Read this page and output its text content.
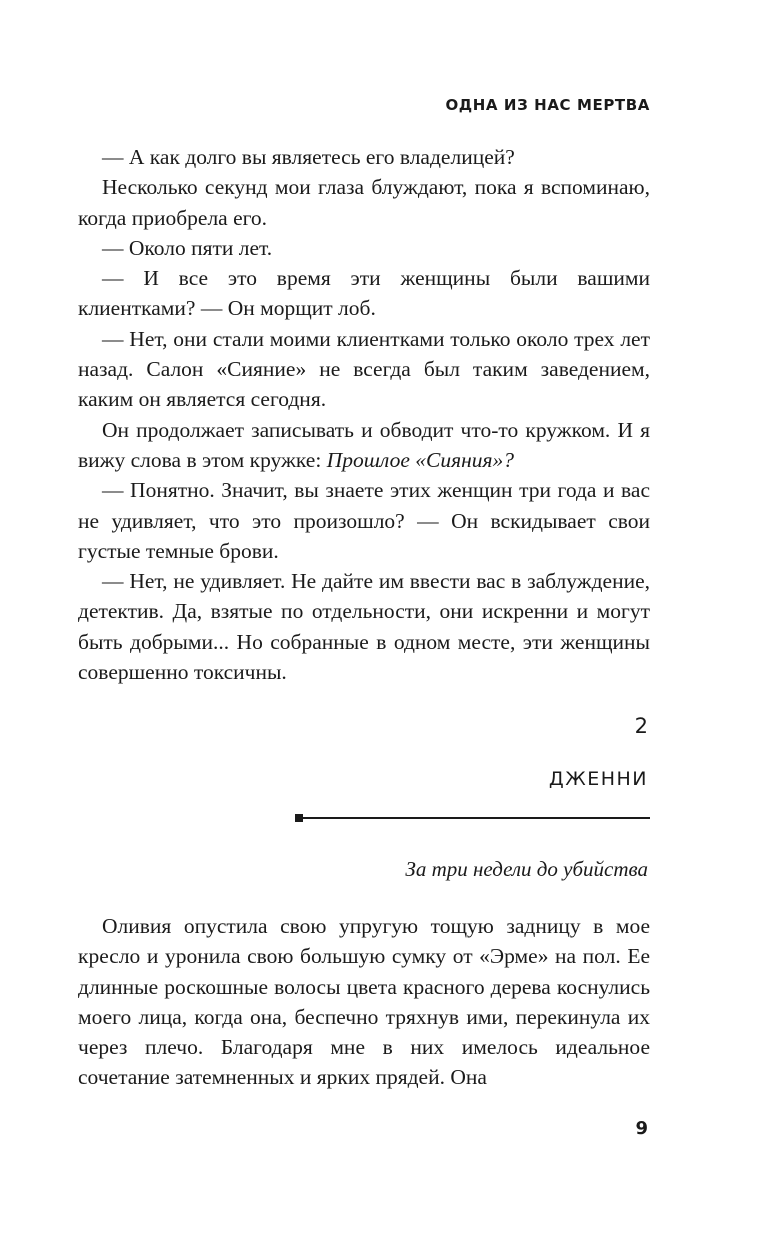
ОДНА ИЗ НАС МЕРТВА

— А как долго вы являетесь его владелицей?

Несколько секунд мои глаза блуждают, пока я вспоминаю, когда приобрела его.

— Около пяти лет.

— И все это время эти женщины были вашими клиентками? — Он морщит лоб.

— Нет, они стали моими клиентками только около трех лет назад. Салон «Сияние» не всегда был таким заведением, каким он является сегодня.

Он продолжает записывать и обводит что-то кружком. И я вижу слова в этом кружке: Прошлое «Сияния»?

— Понятно. Значит, вы знаете этих женщин три года и вас не удивляет, что это произошло? — Он вскидывает свои густые темные брови.

— Нет, не удивляет. Не дайте им ввести вас в заблуждение, детектив. Да, взятые по отдельности, они искренни и могут быть добрыми... Но собранные в одном месте, эти женщины совершенно токсичны.

2
ДЖЕННИ
За три недели до убийства

Оливия опустила свою упругую тощую задницу в мое кресло и уронила свою большую сумку от «Эрме» на пол. Ее длинные роскошные волосы цвета красного дерева коснулись моего лица, когда она, беспечно тряхнув ими, перекинула их через плечо. Благодаря мне в них имелось идеальное сочетание затемненных и ярких прядей. Она

9
